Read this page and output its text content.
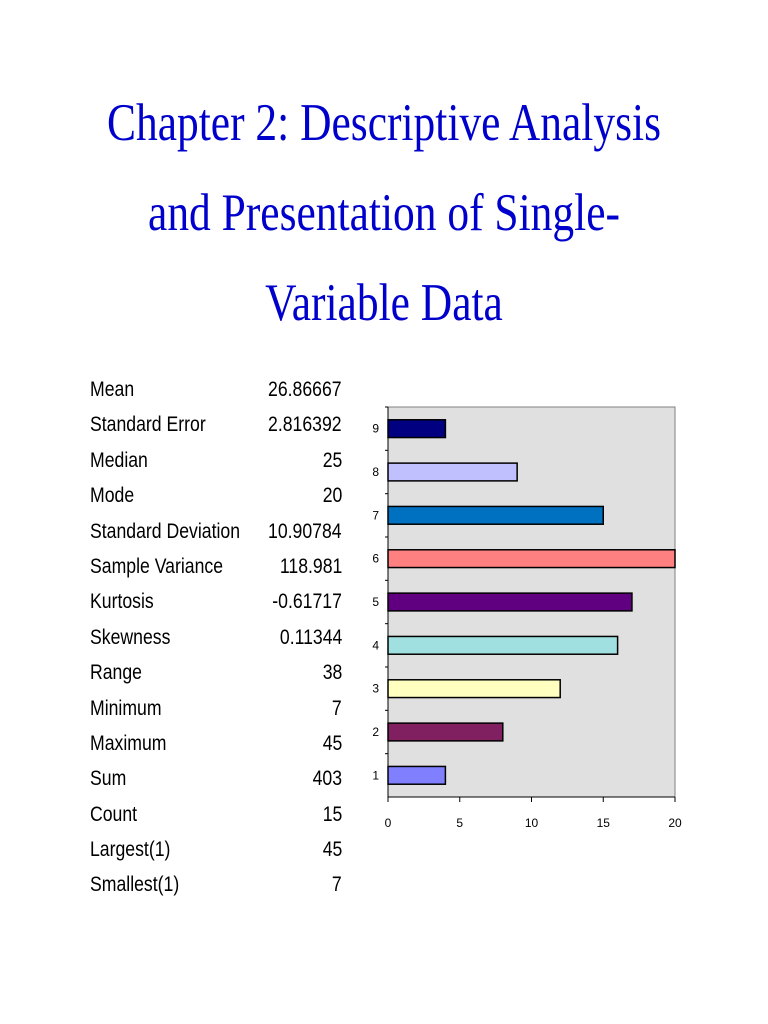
Chapter 2: Descriptive Analysis
and Presentation of Single-
Variable Data
Mean	26.86667
Standard Error	2.816392
Median	25
Mode	20
Standard Deviation 10.90784
Sample Variance	118.981
Kurtosis	-0.61717
Skewness	0.11344
Range	38
Minimum	7
Maximum	45
Sum	403
Count	15
Largest(1)	45
Smallest(1)	7
1
2
3
4
5
6
7
8
9
0	5	10	15	20
